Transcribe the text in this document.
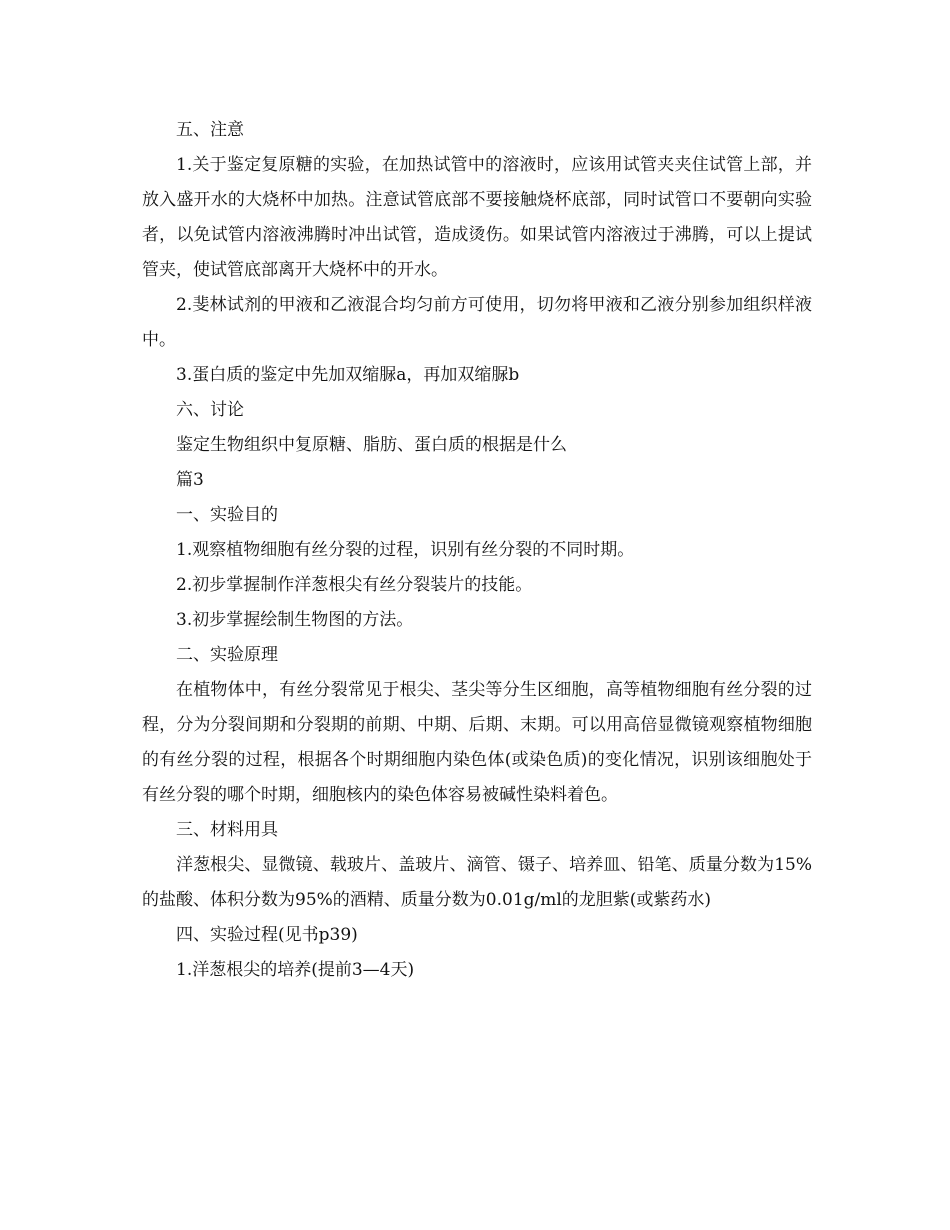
五、注意

1.关于鉴定复原糖的实验，在加热试管中的溶液时，应该用试管夹夹住试管上部，并放入盛开水的大烧杯中加热。注意试管底部不要接触烧杯底部，同时试管口不要朝向实验者，以免试管内溶液沸腾时冲出试管，造成烫伤。如果试管内溶液过于沸腾，可以上提试管夹，使试管底部离开大烧杯中的开水。

2.斐林试剂的甲液和乙液混合均匀前方可使用，切勿将甲液和乙液分别参加组织样液中。

3.蛋白质的鉴定中先加双缩脲a，再加双缩脲b

六、讨论

鉴定生物组织中复原糖、脂肪、蛋白质的根据是什么

篇3

一、实验目的

1.观察植物细胞有丝分裂的过程，识别有丝分裂的不同时期。

2.初步掌握制作洋葱根尖有丝分裂装片的技能。

3.初步掌握绘制生物图的方法。

二、实验原理

在植物体中，有丝分裂常见于根尖、茎尖等分生区细胞，高等植物细胞有丝分裂的过程，分为分裂间期和分裂期的前期、中期、后期、末期。可以用高倍显微镜观察植物细胞的有丝分裂的过程，根据各个时期细胞内染色体(或染色质)的变化情况，识别该细胞处于有丝分裂的哪个时期，细胞核内的染色体容易被碱性染料着色。

三、材料用具

洋葱根尖、显微镜、载玻片、盖玻片、滴管、镊子、培养皿、铅笔、质量分数为15%的盐酸、体积分数为95%的酒精、质量分数为0.01g/ml的龙胆紫(或紫药水)

四、实验过程(见书p39)

1.洋葱根尖的培养(提前3—4天)
